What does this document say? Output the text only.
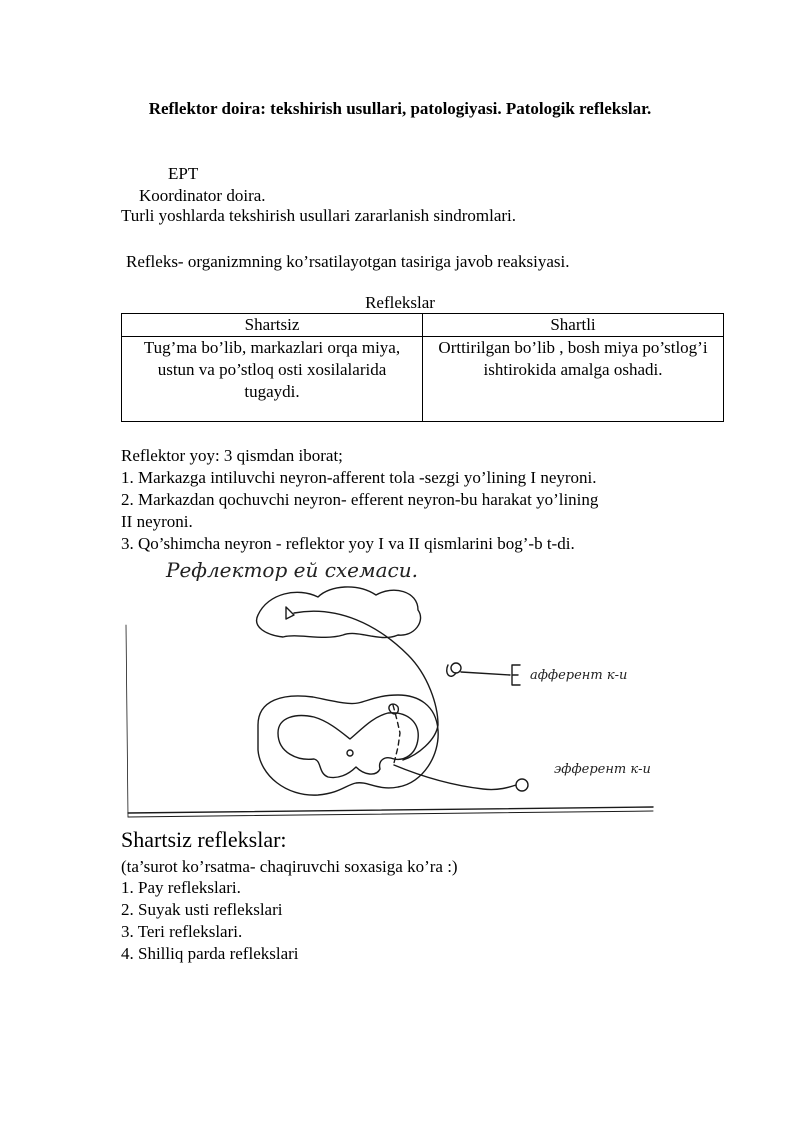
Reflektor doira: tekshirish usullari, patologiyasi. Patologik reflekslar.
EPT
Koordinator doira.
Turli yoshlarda tekshirish usullari zararlanish sindromlari.
Refleks- organizmning ko’rsatilayotgan tasiriga javob reaksiyasi.
Reflekslar
Shartsiz	Shartli
Tug’ma bo’lib, markazlari orqa miya, ustun va po’stloq osti xosilalarida tugaydi.	Orttirilgan bo’lib , bosh miya po’stlog’i ishtirokida amalga oshadi.
Reflektor yoy: 3 qismdan iborat;
1. Markazga intiluvchi neyron-afferent tola -sezgi yo’lining I neyroni.
2. Markazdan qochuvchi neyron- efferent neyron-bu harakat yo’lining
II neyroni.
3. Qo’shimcha neyron - reflektor yoy I va II qismlarini bog’-b t-di.
Рефлектор ей схемаси.
афферент к-и
эфферент к-и
Shartsiz reflekslar:
(ta’surot ko’rsatma- chaqiruvchi soxasiga ko’ra :)
1. Pay reflekslari.
2. Suyak usti reflekslari
3. Teri reflekslari.
4. Shilliq parda reflekslari
